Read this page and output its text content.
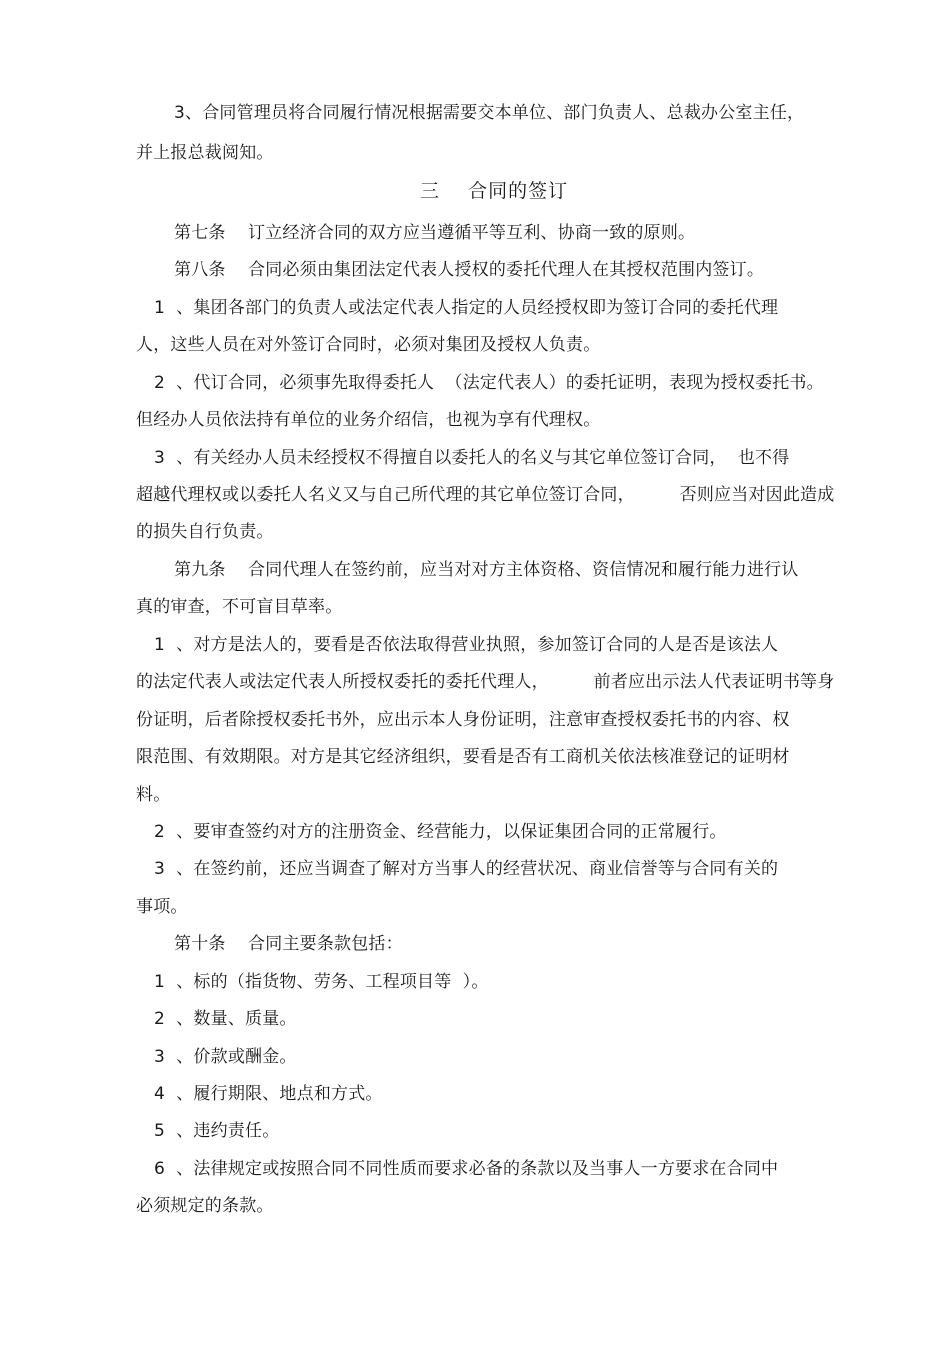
3、合同管理员将合同履行情况根据需要交本单位、部门负责人、总裁办公室主任，
并上报总裁阅知。
三    合同的签订
第七条    订立经济合同的双方应当遵循平等互利、协商一致的原则。
第八条    合同必须由集团法定代表人授权的委托代理人在其授权范围内签订。
1  、集团各部门的负责人或法定代表人指定的人员经授权即为签订合同的委托代理
人，这些人员在对外签订合同时，必须对集团及授权人负责。
2  、代订合同，必须事先取得委托人  （法定代表人）的委托证明，表现为授权委托书。
但经办人员依法持有单位的业务介绍信，也视为享有代理权。
3  、有关经办人员未经授权不得擅自以委托人的名义与其它单位签订合同，  也不得
超越代理权或以委托人名义又与自己所代理的其它单位签订合同，        否则应当对因此造成
的损失自行负责。
第九条    合同代理人在签约前，应当对对方主体资格、资信情况和履行能力进行认
真的审查，不可盲目草率。
1  、对方是法人的，要看是否依法取得营业执照，参加签订合同的人是否是该法人
的法定代表人或法定代表人所授权委托的委托代理人，        前者应出示法人代表证明书等身
份证明，后者除授权委托书外，应出示本人身份证明，注意审查授权委托书的内容、权
限范围、有效期限。对方是其它经济组织，要看是否有工商机关依法核准登记的证明材
料。
2  、要审查签约对方的注册资金、经营能力，以保证集团合同的正常履行。
3  、在签约前，还应当调查了解对方当事人的经营状况、商业信誉等与合同有关的
事项。
第十条    合同主要条款包括：
1  、标的（指货物、劳务、工程项目等  ）。
2  、数量、质量。
3  、价款或酬金。
4  、履行期限、地点和方式。
5  、违约责任。
6  、法律规定或按照合同不同性质而要求必备的条款以及当事人一方要求在合同中
必须规定的条款。
